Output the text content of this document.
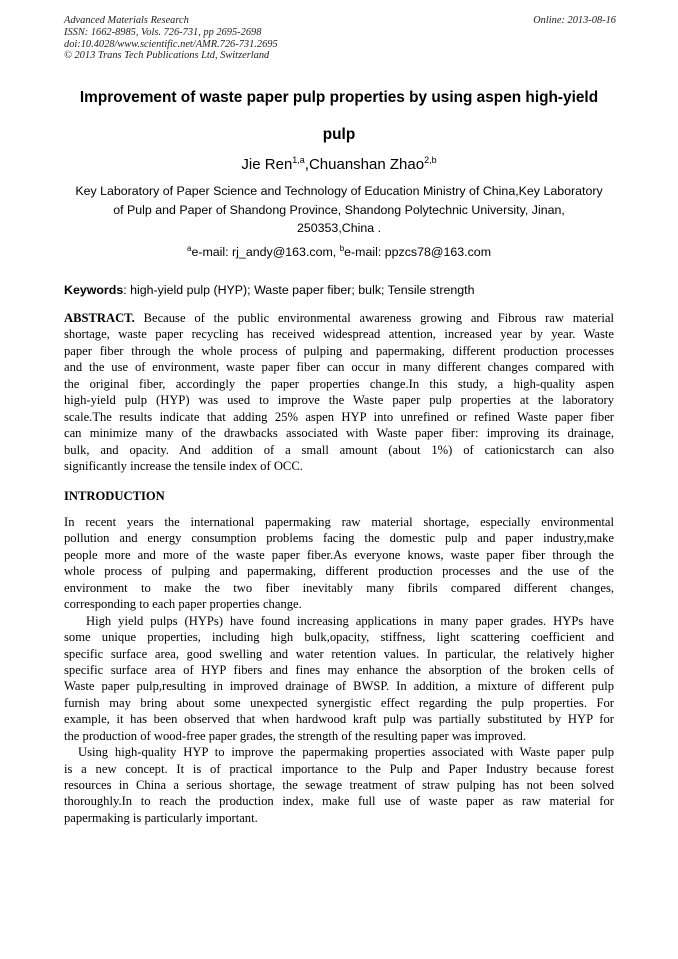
Advanced Materials Research
ISSN: 1662-8985, Vols. 726-731, pp 2695-2698
doi:10.4028/www.scientific.net/AMR.726-731.2695
© 2013 Trans Tech Publications Ltd, Switzerland
Online: 2013-08-16
Improvement of waste paper pulp properties by using aspen high-yield
pulp
Jie Ren$^{1,a}$,Chuanshan Zhao$^{2,b}$
Key Laboratory of Paper Science and Technology of Education Ministry of China,Key Laboratory
of Pulp and Paper of Shandong Province, Shandong Polytechnic University, Jinan,
250353,China .
$^a$e-mail: rj_andy@163.com, $^b$e-mail: ppzcs78@163.com
Keywords: high-yield pulp (HYP); Waste paper fiber; bulk; Tensile strength
ABSTRACT. Because of the public environmental awareness growing and Fibrous raw material
shortage, waste paper recycling has received widespread attention, increased year by year. Waste
paper fiber through the whole process of pulping and papermaking, different production processes
and the use of environment, waste paper fiber can occur in many different changes compared with
the original fiber, accordingly the paper properties change.In this study, a high-quality aspen
high-yield pulp (HYP) was used to improve the Waste paper pulp properties at the laboratory
scale.The results indicate that adding 25% aspen HYP into unrefined or refined Waste paper fiber
can minimize many of the drawbacks associated with Waste paper fiber: improving its drainage,
bulk, and opacity. And addition of a small amount (about 1%) of cationicstarch can also
significantly increase the tensile index of OCC.
INTRODUCTION
In recent years the international papermaking raw material shortage, especially environmental
pollution and energy consumption problems facing the domestic pulp and paper industry,make
people more and more of the waste paper fiber.As everyone knows, waste paper fiber through the
whole process of pulping and papermaking, different production processes and the use of the
environment to make the two fiber inevitably many fibrils compared different changes,
corresponding to each paper properties change.
High yield pulps (HYPs) have found increasing applications in many paper grades. HYPs have
some unique properties, including high bulk,opacity, stiffness, light scattering coefficient and
specific surface area, good swelling and water retention values. In particular, the relatively higher
specific surface area of HYP fibers and fines may enhance the absorption of the broken cells of
Waste paper pulp,resulting in improved drainage of BWSP. In addition, a mixture of different pulp
furnish may bring about some unexpected synergistic effect regarding the pulp properties. For
example, it has been observed that when hardwood kraft pulp was partially substituted by HYP for
the production of wood-free paper grades, the strength of the resulting paper was improved.
Using high-quality HYP to improve the papermaking properties associated with Waste paper pulp
is a new concept. It is of practical importance to the Pulp and Paper Industry because forest
resources in China a serious shortage, the sewage treatment of straw pulping has not been solved
thoroughly.In to reach the production index, make full use of waste paper as raw material for
papermaking is particularly important.
